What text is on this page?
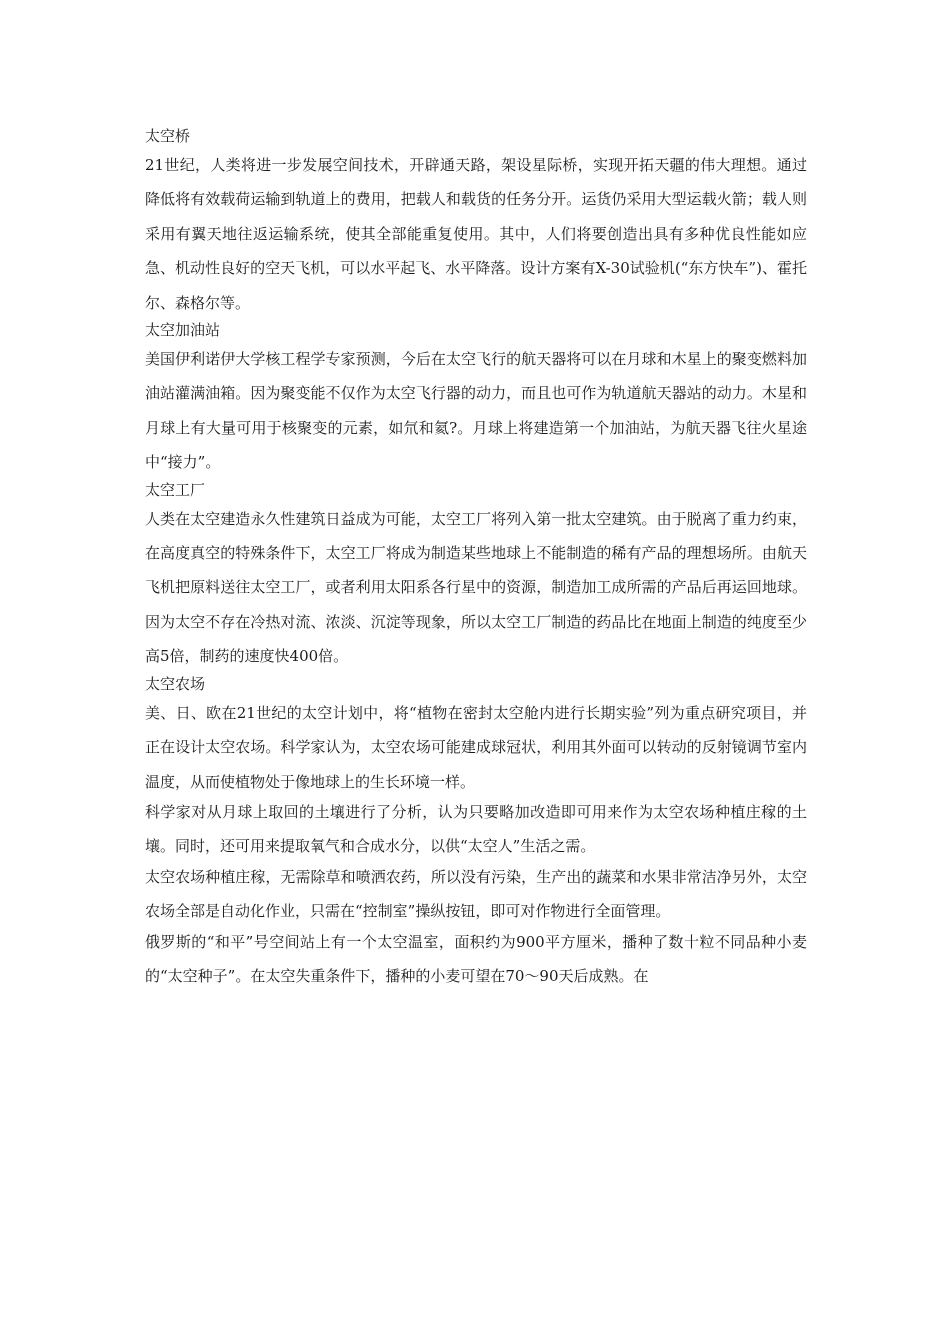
太空桥

21世纪，人类将进一步发展空间技术，开辟通天路，架设星际桥，实现开拓天疆的伟大理想。通过降低将有效载荷运输到轨道上的费用，把载人和载货的任务分开。运货仍采用大型运载火箭；载人则采用有翼天地往返运输系统，使其全部能重复使用。其中，人们将要创造出具有多种优良性能如应急、机动性良好的空天飞机，可以水平起飞、水平降落。设计方案有X-30试验机(“东方快车”)、霍托尔、森格尔等。

太空加油站

美国伊利诺伊大学核工程学专家预测，今后在太空飞行的航天器将可以在月球和木星上的聚变燃料加油站灌满油箱。因为聚变能不仅作为太空飞行器的动力，而且也可作为轨道航天器站的动力。木星和月球上有大量可用于核聚变的元素，如氘和氦?。月球上将建造第一个加油站，为航天器飞往火星途中“接力”。

太空工厂

人类在太空建造永久性建筑日益成为可能，太空工厂将列入第一批太空建筑。由于脱离了重力约束，在高度真空的特殊条件下，太空工厂将成为制造某些地球上不能制造的稀有产品的理想场所。由航天飞机把原料送往太空工厂，或者利用太阳系各行星中的资源，制造加工成所需的产品后再运回地球。因为太空不存在冷热对流、浓淡、沉淀等现象，所以太空工厂制造的药品比在地面上制造的纯度至少高5倍，制药的速度快400倍。

太空农场

美、日、欧在21世纪的太空计划中，将“植物在密封太空舱内进行长期实验”列为重点研究项目，并正在设计太空农场。科学家认为，太空农场可能建成球冠状，利用其外面可以转动的反射镜调节室内温度，从而使植物处于像地球上的生长环境一样。

科学家对从月球上取回的土壤进行了分析，认为只要略加改造即可用来作为太空农场种植庄稼的土壤。同时，还可用来提取氧气和合成水分，以供“太空人”生活之需。

太空农场种植庄稼，无需除草和喷洒农药，所以没有污染，生产出的蔬菜和水果非常洁净另外，太空农场全部是自动化作业，只需在“控制室”操纵按钮，即可对作物进行全面管理。

俄罗斯的“和平”号空间站上有一个太空温室，面积约为900平方厘米，播种了数十粒不同品种小麦的“太空种子”。在太空失重条件下，播种的小麦可望在70～90天后成熟。在
